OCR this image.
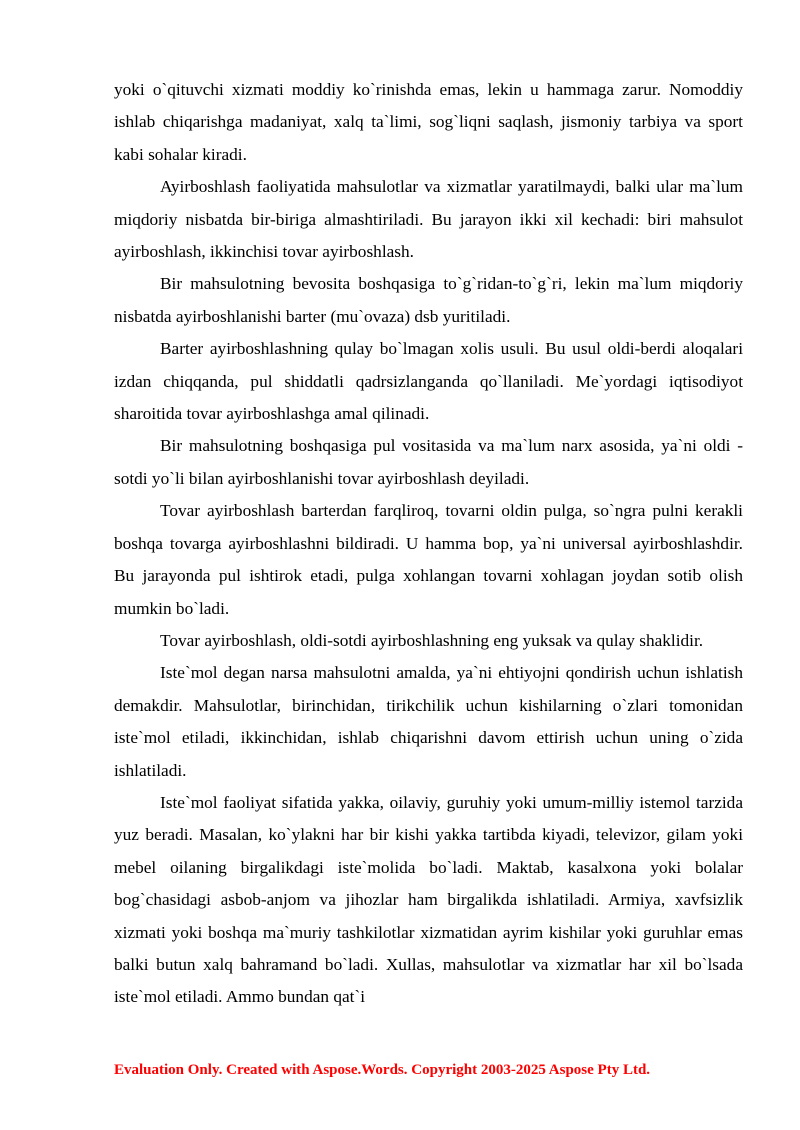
yoki o`qituvchi xizmati moddiy ko`rinishda emas, lekin u hammaga zarur. Nomoddiy ishlab chiqarishga madaniyat, xalq ta`limi, sog`liqni saqlash, jismoniy tarbiya va sport kabi sohalar kiradi.

Ayirboshlash faoliyatida mahsulotlar va xizmatlar yaratilmaydi, balki ular ma`lum miqdoriy nisbatda bir-biriga almashtiriladi. Bu jarayon ikki xil kechadi: biri mahsulot ayirboshlash, ikkinchisi tovar ayirboshlash.

Bir mahsulotning bevosita boshqasiga to`g`ridan-to`g`ri, lekin ma`lum miqdoriy nisbatda ayirboshlanishi barter (mu`ovaza) dsb yuritiladi.

Barter ayirboshlashning qulay bo`lmagan xolis usuli. Bu usul oldi-berdi aloqalari izdan chiqqanda, pul shiddatli qadrsizlanganda qo`llaniladi. Me`yordagi iqtisodiyot sharoitida tovar ayirboshlashga amal qilinadi.

Bir mahsulotning boshqasiga pul vositasida va ma`lum narx asosida, ya`ni oldi - sotdi yo`li bilan ayirboshlanishi tovar ayirboshlash deyiladi.

Tovar ayirboshlash barterdan farqliroq, tovarni oldin pulga, so`ngra pulni kerakli boshqa tovarga ayirboshlashni bildiradi. U hamma bop, ya`ni universal ayirboshlashdir. Bu jarayonda pul ishtirok etadi, pulga xohlangan tovarni xohlagan joydan sotib olish mumkin bo`ladi.

Tovar ayirboshlash, oldi-sotdi ayirboshlashning eng yuksak va qulay shaklidir.

Iste`mol degan narsa mahsulotni amalda, ya`ni ehtiyojni qondirish uchun ishlatish demakdir. Mahsulotlar, birinchidan, tirikchilik uchun kishilarning o`zlari tomonidan iste`mol etiladi, ikkinchidan, ishlab chiqarishni davom ettirish uchun uning o`zida ishlatiladi.

Iste`mol faoliyat sifatida yakka, oilaviy, guruhiy yoki umum-milliy istemol tarzida yuz beradi. Masalan, ko`ylakni har bir kishi yakka tartibda kiyadi, televizor, gilam yoki mebel oilaning birgalikdagi iste`molida bo`ladi. Maktab, kasalxona yoki bolalar bog`chasidagi asbob-anjom va jihozlar ham birgalikda ishlatiladi. Armiya, xavfsizlik xizmati yoki boshqa ma`muriy tashkilotlar xizmatidan ayrim kishilar yoki guruhlar emas balki butun xalq bahramand bo`ladi. Xullas, mahsulotlar va xizmatlar har xil bo`lsada iste`mol etiladi. Ammo bundan qat`i

Evaluation Only. Created with Aspose.Words. Copyright 2003-2025 Aspose Pty Ltd.
